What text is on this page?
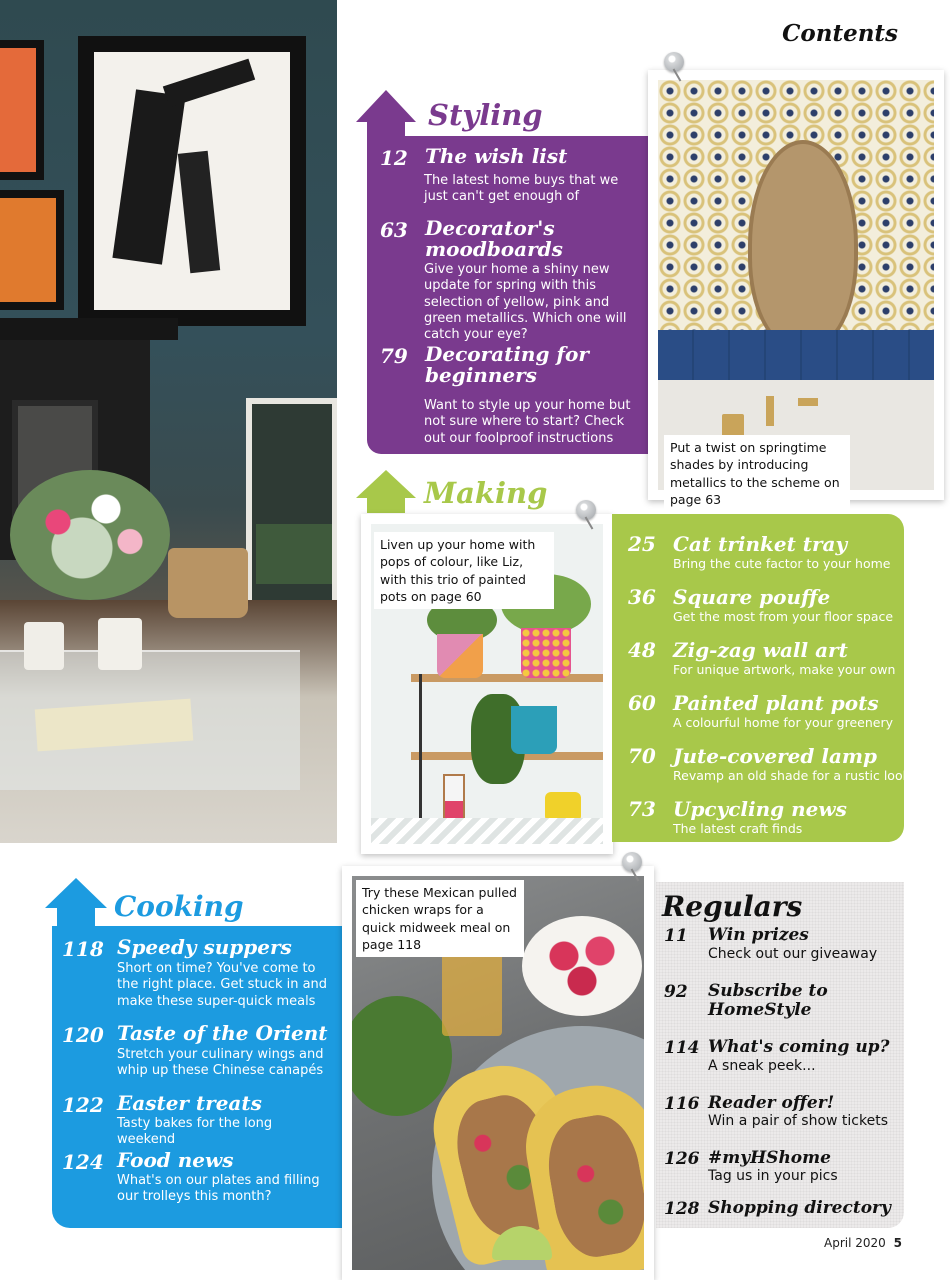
Contents
Styling
12 The wish list
The latest home buys that we just can't get enough of
63 Decorator's moodboards
Give your home a shiny new update for spring with this selection of yellow, pink and green metallics. Which one will catch your eye?
79 Decorating for beginners
Want to style up your home but not sure where to start? Check out our foolproof instructions
Put a twist on springtime shades by introducing metallics to the scheme on page 63
Making
Liven up your home with pops of colour, like Liz, with this trio of painted pots on page 60
25 Cat trinket tray
Bring the cute factor to your home
36 Square pouffe
Get the most from your floor space
48 Zig-zag wall art
For unique artwork, make your own
60 Painted plant pots
A colourful home for your greenery
70 Jute-covered lamp
Revamp an old shade for a rustic look
73 Upcycling news
The latest craft finds
Cooking
118 Speedy suppers
Short on time? You've come to the right place. Get stuck in and make these super-quick meals
120 Taste of the Orient
Stretch your culinary wings and whip up these Chinese canapés
122 Easter treats
Tasty bakes for the long weekend
124 Food news
What's on our plates and filling our trolleys this month?
Try these Mexican pulled chicken wraps for a quick midweek meal on page 118
Regulars
11 Win prizes
Check out our giveaway
92 Subscribe to HomeStyle
114 What's coming up?
A sneak peek...
116 Reader offer!
Win a pair of show tickets
126 #myHShome
Tag us in your pics
128 Shopping directory
April 2020 5
